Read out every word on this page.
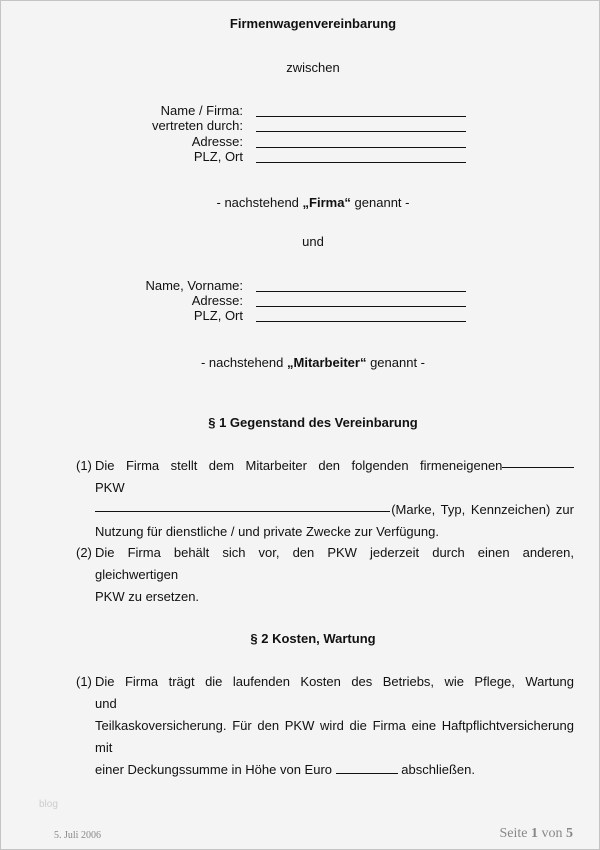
Firmenwagenvereinbarung
zwischen
Name / Firma:
vertreten durch:
Adresse:
PLZ, Ort
- nachstehend „Firma“ genannt -
und
Name, Vorname:
Adresse:
PLZ, Ort
- nachstehend „Mitarbeiter“ genannt -
§ 1 Gegenstand des Vereinbarung
(1) Die Firma stellt dem Mitarbeiter den folgenden firmeneigenen PKW
(Marke, Typ, Kennzeichen) zur
Nutzung für dienstliche / und private Zwecke zur Verfügung.
(2) Die Firma behält sich vor, den PKW jederzeit durch einen anderen, gleichwertigen
PKW zu ersetzen.
§ 2 Kosten, Wartung
(1) Die Firma trägt die laufenden Kosten des Betriebs, wie Pflege, Wartung und
Teilkaskoversicherung. Für den PKW wird die Firma eine Haftpflichtversicherung mit
einer Deckungssumme in Höhe von Euro	abschließen.
blog
5. Juli 2006	Seite 1 von 5
